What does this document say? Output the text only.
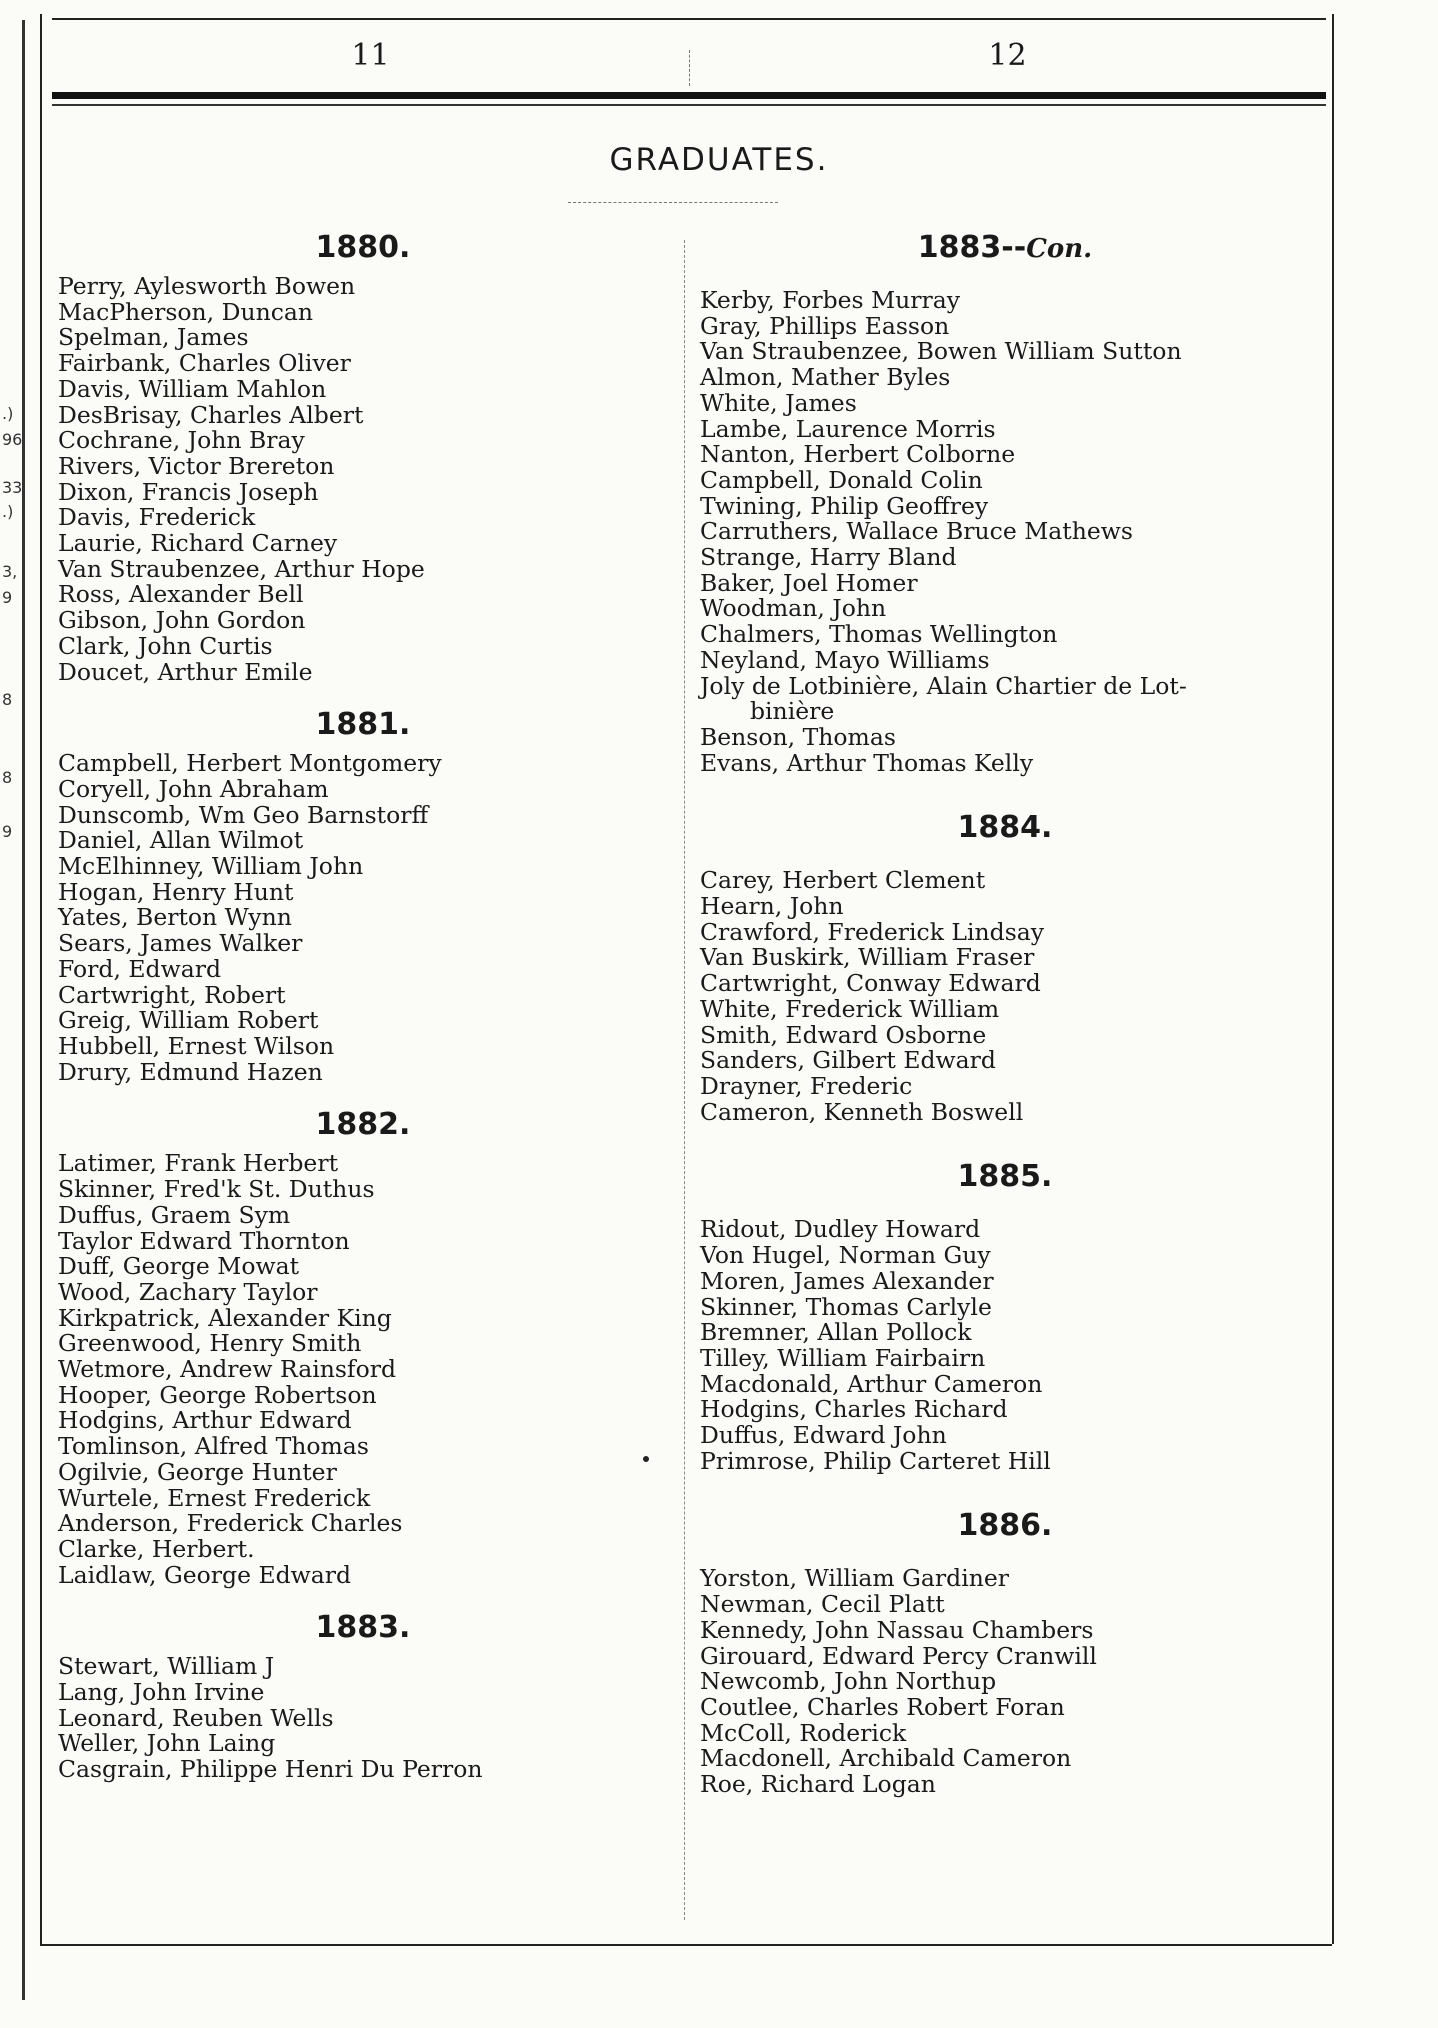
.)
96
33
.)
3,
9
8
8
9
11	12
GRADUATES.
1880.
Perry, Aylesworth Bowen
MacPherson, Duncan
Spelman, James
Fairbank, Charles Oliver
Davis, William Mahlon
DesBrisay, Charles Albert
Cochrane, John Bray
Rivers, Victor Brereton
Dixon, Francis Joseph
Davis, Frederick
Laurie, Richard Carney
Van Straubenzee, Arthur Hope
Ross, Alexander Bell
Gibson, John Gordon
Clark, John Curtis
Doucet, Arthur Emile
1881.
Campbell, Herbert Montgomery
Coryell, John Abraham
Dunscomb, Wm Geo Barnstorff
Daniel, Allan Wilmot
McElhinney, William John
Hogan, Henry Hunt
Yates, Berton Wynn
Sears, James Walker
Ford, Edward
Cartwright, Robert
Greig, William Robert
Hubbell, Ernest Wilson
Drury, Edmund Hazen
1882.
Latimer, Frank Herbert
Skinner, Fred'k St. Duthus
Duffus, Graem Sym
Taylor Edward Thornton
Duff, George Mowat
Wood, Zachary Taylor
Kirkpatrick, Alexander King
Greenwood, Henry Smith
Wetmore, Andrew Rainsford
Hooper, George Robertson
Hodgins, Arthur Edward
Tomlinson, Alfred Thomas
Ogilvie, George Hunter
Wurtele, Ernest Frederick
Anderson, Frederick Charles
Clarke, Herbert.
Laidlaw, George Edward
1883.
Stewart, William J
Lang, John Irvine
Leonard, Reuben Wells
Weller, John Laing
Casgrain, Philippe Henri Du Perron
1883--Con.
Kerby, Forbes Murray
Gray, Phillips Easson
Van Straubenzee, Bowen William Sutton
Almon, Mather Byles
White, James
Lambe, Laurence Morris
Nanton, Herbert Colborne
Campbell, Donald Colin
Twining, Philip Geoffrey
Carruthers, Wallace Bruce Mathews
Strange, Harry Bland
Baker, Joel Homer
Woodman, John
Chalmers, Thomas Wellington
Neyland, Mayo Williams
Joly de Lotbinière, Alain Chartier de Lot-
binière
Benson, Thomas
Evans, Arthur Thomas Kelly
1884.
Carey, Herbert Clement
Hearn, John
Crawford, Frederick Lindsay
Van Buskirk, William Fraser
Cartwright, Conway Edward
White, Frederick William
Smith, Edward Osborne
Sanders, Gilbert Edward
Drayner, Frederic
Cameron, Kenneth Boswell
1885.
Ridout, Dudley Howard
Von Hugel, Norman Guy
Moren, James Alexander
Skinner, Thomas Carlyle
Bremner, Allan Pollock
Tilley, William Fairbairn
Macdonald, Arthur Cameron
Hodgins, Charles Richard
Duffus, Edward John
Primrose, Philip Carteret Hill
1886.
Yorston, William Gardiner
Newman, Cecil Platt
Kennedy, John Nassau Chambers
Girouard, Edward Percy Cranwill
Newcomb, John Northup
Coutlee, Charles Robert Foran
McColl, Roderick
Macdonell, Archibald Cameron
Roe, Richard Logan
